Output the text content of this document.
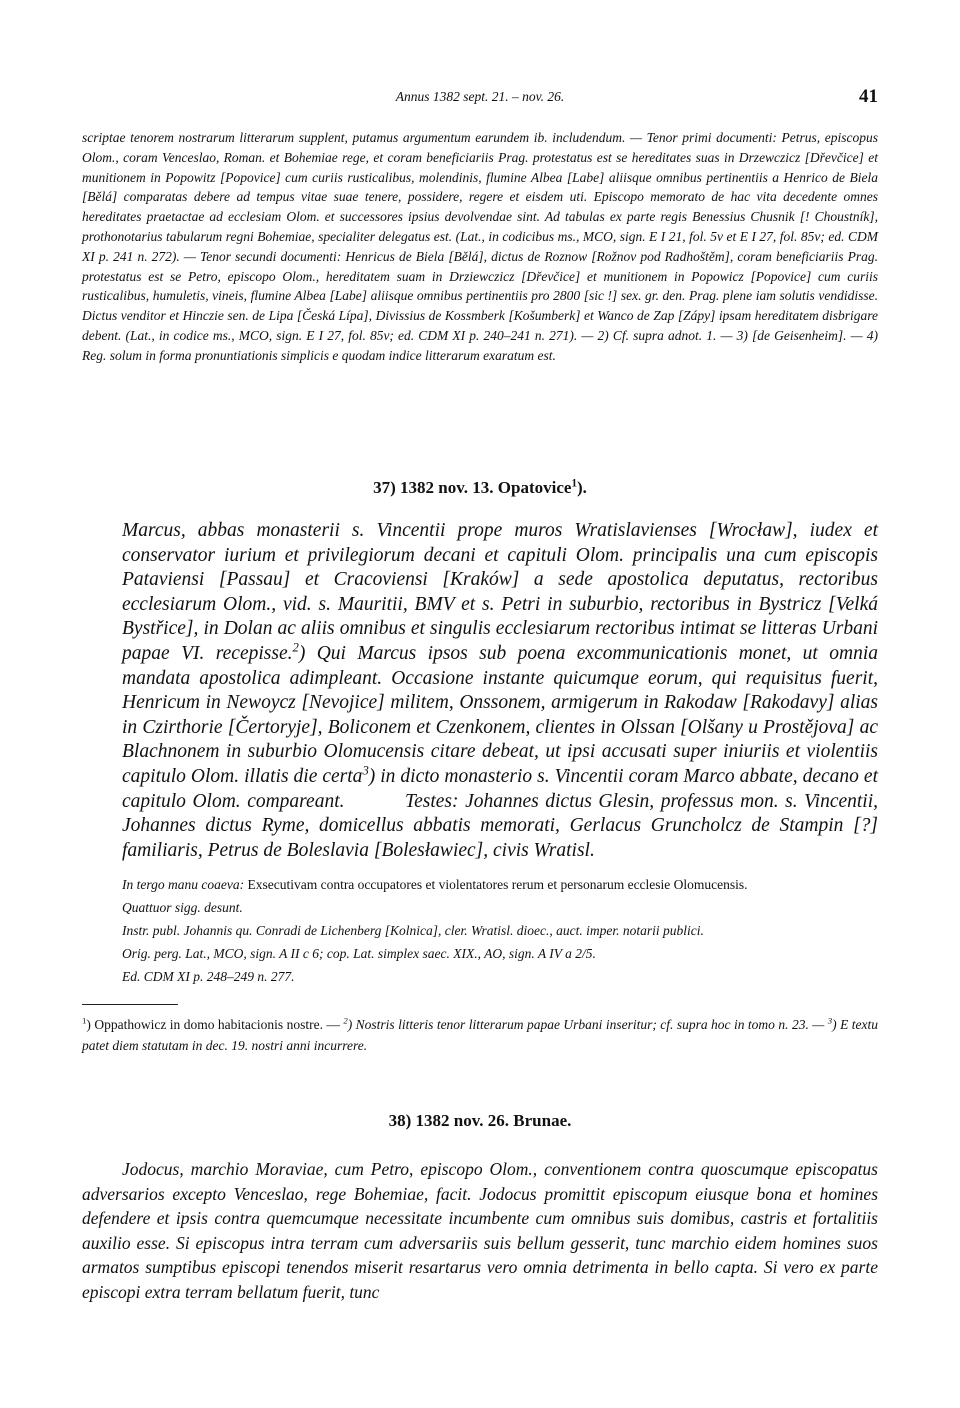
Annus 1382 sept. 21. – nov. 26.	41

scriptae tenorem nostrarum litterarum supplent, putamus argumentum earundem ib. includendum. — Tenor primi documenti: Petrus, episcopus Olom., coram Venceslao, Roman. et Bohemiae rege, et coram beneficiariis Prag. protestatus est se hereditates suas in Drzewczicz [Dřevčice] et munitionem in Popowitz [Popovice] cum curiis rusticalibus, molendinis, flumine Albea [Labe] aliisque omnibus pertinentiis a Henrico de Biela [Bělá] comparatas debere ad tempus vitae suae tenere, possidere, regere et eisdem uti. Episcopo memorato de hac vita decedente omnes hereditates praetactae ad ecclesiam Olom. et successores ipsius devolvendae sint. Ad tabulas ex parte regis Benessius Chusnik [! Choustník], prothonotarius tabularum regni Bohemiae, specialiter delegatus est. (Lat., in codicibus ms., MCO, sign. E I 21, fol. 5v et E I 27, fol. 85v; ed. CDM XI p. 241 n. 272). — Tenor secundi documenti: Henricus de Biela [Bělá], dictus de Roznow [Rožnov pod Radhoštěm], coram beneficiariis Prag. protestatus est se Petro, episcopo Olom., hereditatem suam in Drziewczicz [Dřevčice] et munitionem in Popowicz [Popovice] cum curiis rusticalibus, humuletis, vineis, flumine Albea [Labe] aliisque omnibus pertinentiis pro 2800 [sic !] sex. gr. den. Prag. plene iam solutis vendidisse. Dictus venditor et Hinczie sen. de Lipa [Česká Lípa], Divissius de Kossmberk [Košumberk] et Wanco de Zap [Zápy] ipsam hereditatem disbrigare debent. (Lat., in codice ms., MCO, sign. E I 27, fol. 85v; ed. CDM XI p. 240–241 n. 271). — 2) Cf. supra adnot. 1. — 3) [de Geisenheim]. — 4) Reg. solum in forma pronuntiationis simplicis e quodam indice litterarum exaratum est.

37) 1382 nov. 13. Opatovice$^1$).

Marcus, abbas monasterii s. Vincentii prope muros Wratislavienses [Wrocław], iudex et conservator iurium et privilegiorum decani et capituli Olom. principalis una cum episcopis Pataviensi [Passau] et Cracoviensi [Kraków] a sede apostolica deputatus, rectoribus ecclesiarum Olom., vid. s. Mauritii, BMV et s. Petri in suburbio, rectoribus in Bystricz [Velká Bystřice], in Dolan ac aliis omnibus et singulis ecclesiarum rectoribus intimat se litteras Urbani papae VI. recepisse.$^2$) Qui Marcus ipsos sub poena excommunicationis monet, ut omnia mandata apostolica adimpleant. Occasione instante quicumque eorum, qui requisitus fuerit, Henricum in Newoycz [Nevojice] militem, Onssonem, armigerum in Rakodaw [Rakodavy] alias in Czirthorie [Čertoryje], Boliconem et Czenkonem, clientes in Olssan [Olšany u Prostějova] ac Blachnonem in suburbio Olomucensis citare debeat, ut ipsi accusati super iniuriis et violentiis capitulo Olom. illatis die certa$^3$) in dicto monasterio s. Vincentii coram Marco abbate, decano et capitulo Olom. compareant.	Testes: Johannes dictus Glesin, professus mon. s. Vincentii, Johannes dictus Ryme, domicellus abbatis memorati, Gerlacus Gruncholcz de Stampin [?] familiaris, Petrus de Boleslavia [Bolesławiec], civis Wratisl.

In tergo manu coaeva: Exsecutivam contra occupatores et violentatores rerum et personarum ecclesie Olomucensis.
Quattuor sigg. desunt.
Instr. publ. Johannis qu. Conradi de Lichenberg [Kolnica], cler. Wratisl. dioec., auct. imper. notarii publici.
Orig. perg. Lat., MCO, sign. A II c 6; cop. Lat. simplex saec. XIX., AO, sign. A IV a 2/5.
Ed. CDM XI p. 248–249 n. 277.

$^1$) Oppathowicz in domo habitacionis nostre. — $^2$) Nostris litteris tenor litterarum papae Urbani inseritur; cf. supra hoc in tomo n. 23. — $^3$) E textu patet diem statutam in dec. 19. nostri anni incurrere.

38) 1382 nov. 26. Brunae.

Jodocus, marchio Moraviae, cum Petro, episcopo Olom., conventionem contra quoscumque episcopatus adversarios excepto Venceslao, rege Bohemiae, facit. Jodocus promittit episcopum eiusque bona et homines defendere et ipsis contra quemcumque necessitate incumbente cum omnibus suis domibus, castris et fortalitiis auxilio esse. Si episcopus intra terram cum adversariis suis bellum gesserit, tunc marchio eidem homines suos armatos sumptibus episcopi tenendos miserit resartarus vero omnia detrimenta in bello capta. Si vero ex parte episcopi extra terram bellatum fuerit, tunc
